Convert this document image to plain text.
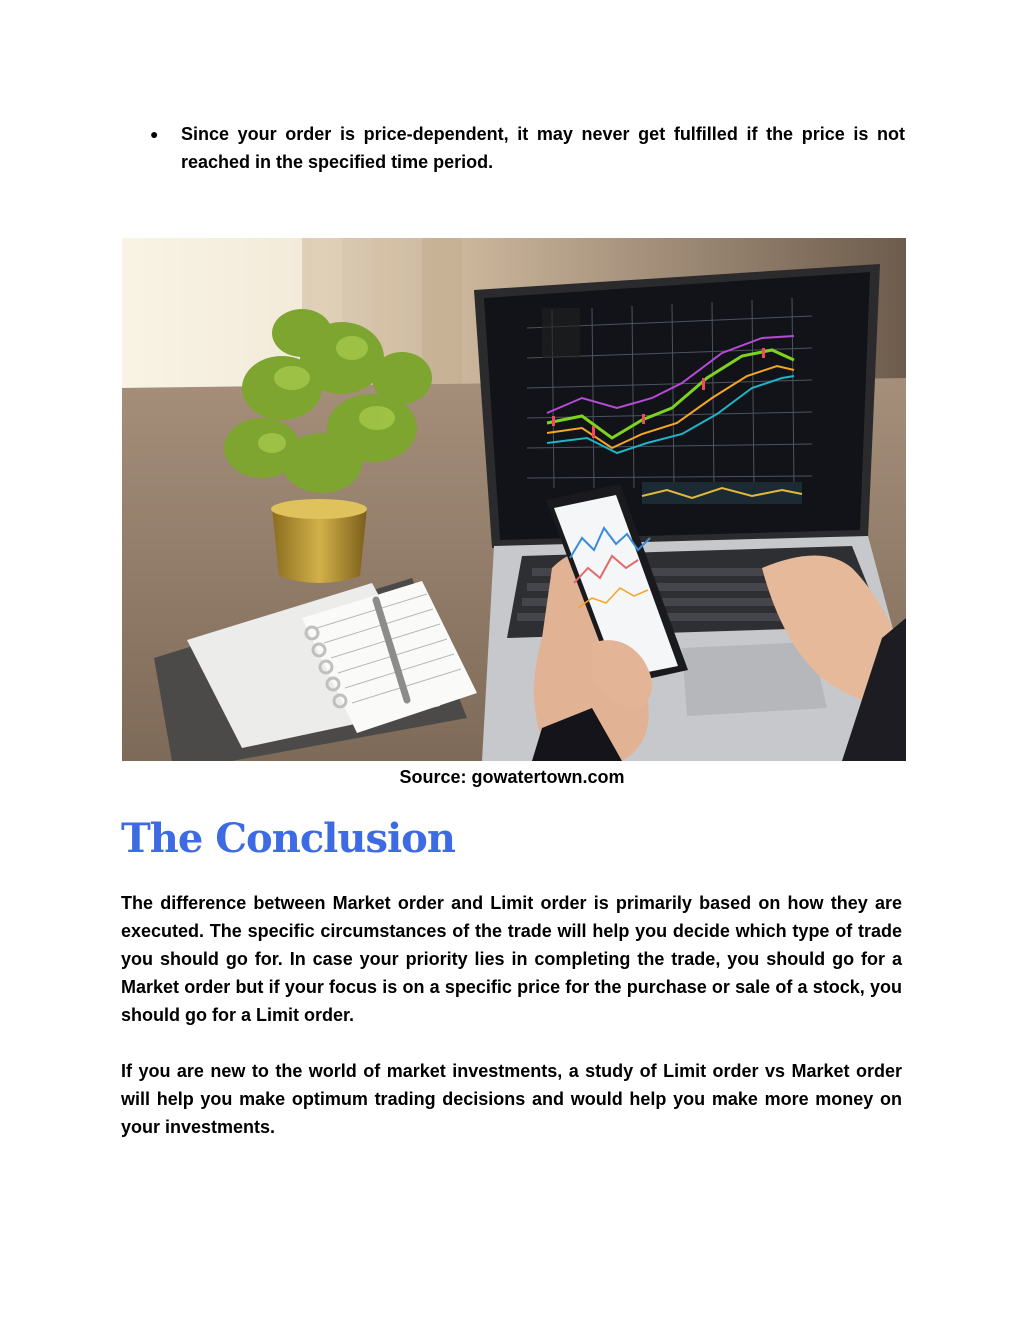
● Since your order is price-dependent, it may never get fulfilled if the price is not reached in the specified time period.
Source: gowatertown.com
The Conclusion

The difference between Market order and Limit order is primarily based on how they are executed. The specific circumstances of the trade will help you decide which type of trade you should go for. In case your priority lies in completing the trade, you should go for a Market order but if your focus is on a specific price for the purchase or sale of a stock, you should go for a Limit order.

If you are new to the world of market investments, a study of Limit order vs Market order will help you make optimum trading decisions and would help you make more money on your investments.
